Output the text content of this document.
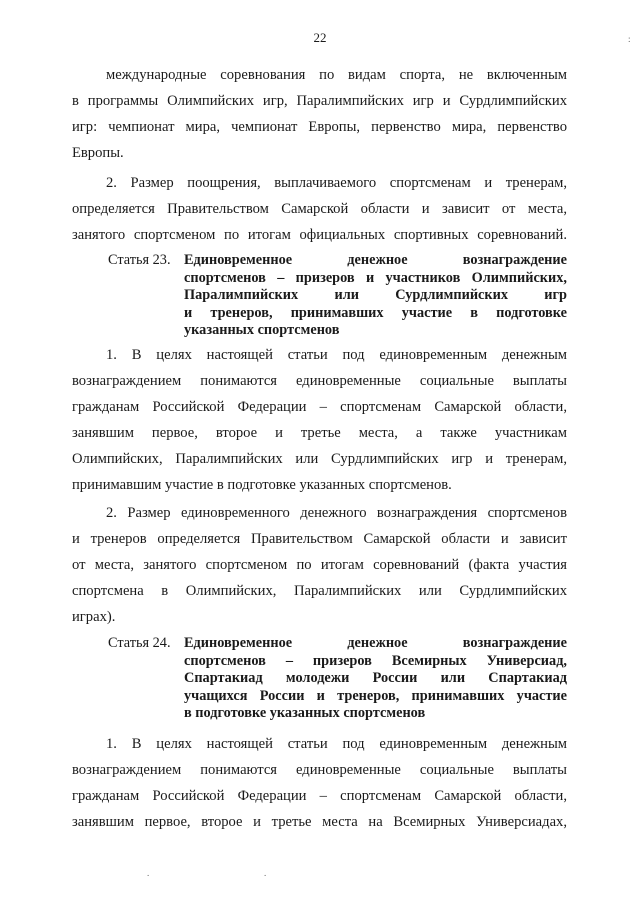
22
международные соревнования по видам спорта, не включенным
в программы Олимпийских игр, Паралимпийских игр и Сурдлимпийских
игр: чемпионат мира, чемпионат Европы, первенство мира, первенство
Европы.
2. Размер поощрения, выплачиваемого спортсменам и тренерам,
определяется Правительством Самарской области и зависит от места,
занятого спортсменом по итогам официальных спортивных соревнований.
Статья 23. Единовременное денежное вознаграждение
спортсменов – призеров и участников Олимпийских,
Паралимпийских или Сурдлимпийских игр
и тренеров, принимавших участие в подготовке
указанных спортсменов
1. В целях настоящей статьи под единовременным денежным
вознаграждением понимаются единовременные социальные выплаты
гражданам Российской Федерации – спортсменам Самарской области,
занявшим первое, второе и третье места, а также участникам
Олимпийских, Паралимпийских или Сурдлимпийских игр и тренерам,
принимавшим участие в подготовке указанных спортсменов.
2. Размер единовременного денежного вознаграждения спортсменов
и тренеров определяется Правительством Самарской области и зависит
от места, занятого спортсменом по итогам соревнований (факта участия
спортсмена в Олимпийских, Паралимпийских или Сурдлимпийских
играх).
Статья 24. Единовременное денежное вознаграждение
спортсменов – призеров Всемирных Универсиад,
Спартакиад молодежи России или Спартакиад
учащихся России и тренеров, принимавших участие
в подготовке указанных спортсменов
1. В целях настоящей статьи под единовременным денежным
вознаграждением понимаются единовременные социальные выплаты
гражданам Российской Федерации – спортсменам Самарской области,
занявшим первое, второе и третье места на Всемирных Универсиадах,
:
.	.
